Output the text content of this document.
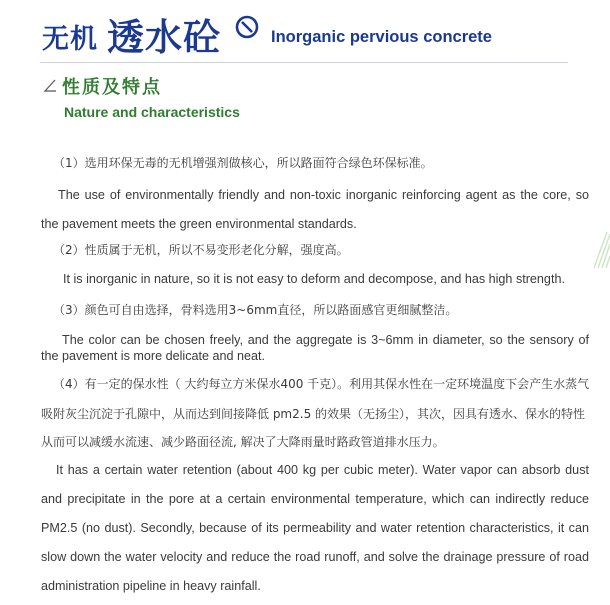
无机 透水砼	Inorganic pervious concrete
性质及特点
Nature and characteristics

（1）选用环保无毒的无机增强剂做核心，所以路面符合绿色环保标准。

The use of environmentally friendly and non-toxic inorganic reinforcing agent as the core, so the pavement meets the green environmental standards.

（2）性质属于无机，所以不易变形老化分解，强度高。

It is inorganic in nature, so it is not easy to deform and decompose, and has high strength.

（3）颜色可自由选择，骨料选用3~6mm直径，所以路面感官更细腻整洁。

The color can be chosen freely, and the aggregate is 3~6mm in diameter, so the sensory of the pavement is more delicate and neat.

（4）有一定的保水性（ 大约每立方米保水400 千克）。利用其保水性在一定环境温度下会产生水蒸气

吸附灰尘沉淀于孔隙中，从而达到间接降低 pm2.5 的效果（无扬尘），其次，因具有透水、保水的特性

从而可以减缓水流速、减少路面径流, 解决了大降雨量时路政管道排水压力。

It has a certain water retention (about 400 kg per cubic meter). Water vapor can absorb dust and precipitate in the pore at a certain environmental temperature, which can indirectly reduce PM2.5 (no dust). Secondly, because of its permeability and water retention characteristics, it can slow down the water velocity and reduce the road runoff, and solve the drainage pressure of road administration pipeline in heavy rainfall.
